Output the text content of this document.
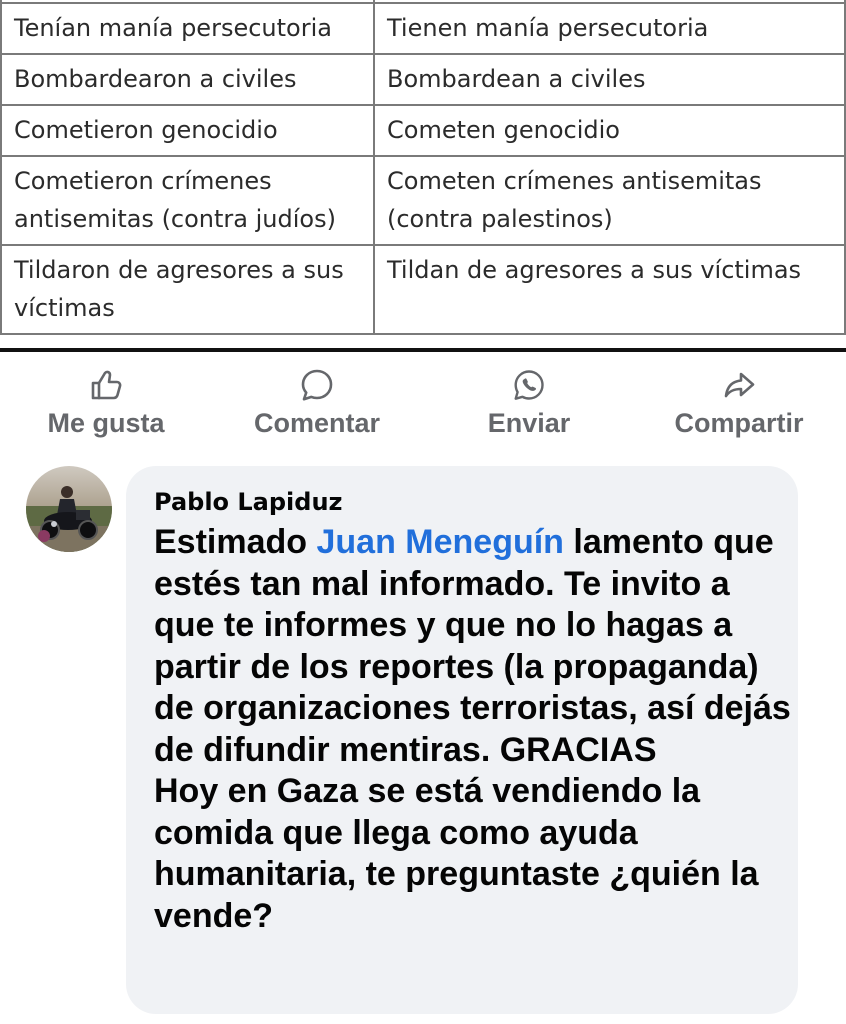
Tenían manía persecutoria	Tienen manía persecutoria
Bombardearon a civiles	Bombardean a civiles
Cometieron genocidio	Cometen genocidio
Cometieron crímenes antisemitas (contra judíos)	Cometen crímenes antisemitas (contra palestinos)
Tildaron de agresores a sus víctimas	Tildan de agresores a sus víctimas
Me gusta	Comentar	Enviar	Compartir
Pablo Lapiduz

Estimado Juan Meneguín lamento que estés tan mal informado. Te invito a que te informes y que no lo hagas a partir de los reportes (la propaganda) de organizaciones terroristas, así dejás de difundir mentiras. GRACIAS

Hoy en Gaza se está vendiendo la comida que llega como ayuda humanitaria, te preguntaste ¿quién la vende?
